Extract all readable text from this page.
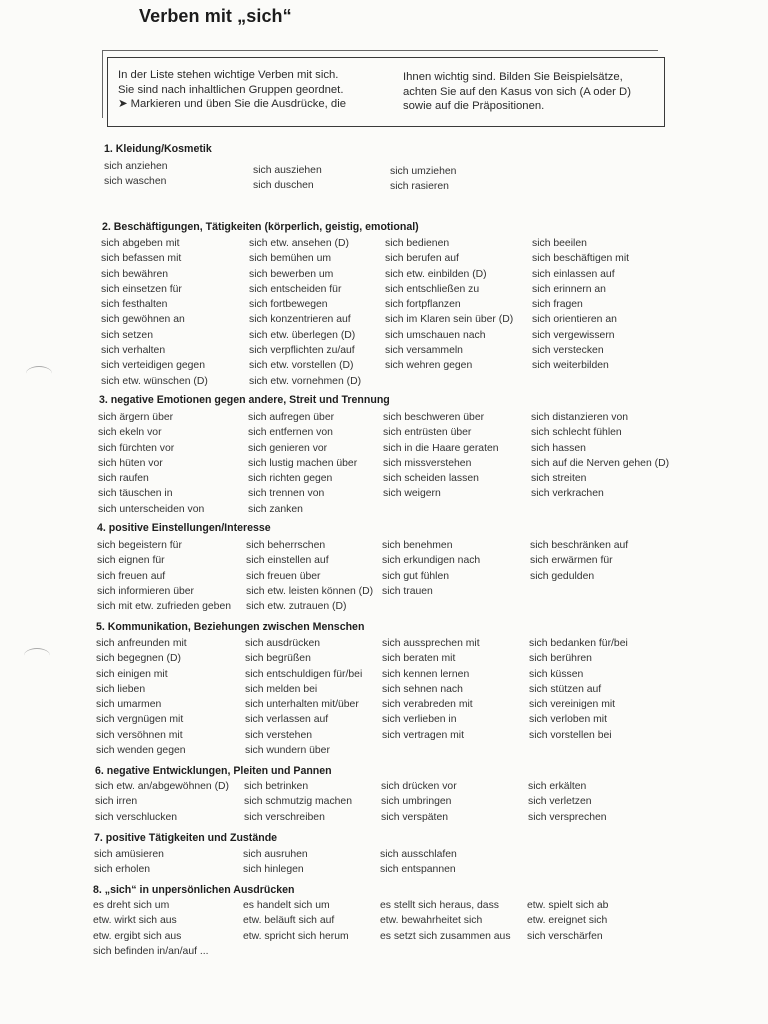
Verben mit „sich“

In der Liste stehen wichtige Verben mit sich.

Sie sind nach inhaltlichen Gruppen geordnet.

➤ Markieren und üben Sie die Ausdrücke, die

Ihnen wichtig sind. Bilden Sie Beispielsätze,

achten Sie auf den Kasus von sich (A oder D)

sowie auf die Präpositionen.

1. Kleidung/Kosmetik
sich anziehen
sich waschen
sich ausziehen
sich duschen
sich umziehen
sich rasieren
2. Beschäftigungen, Tätigkeiten (körperlich, geistig, emotional)
sich abgeben mit
sich befassen mit
sich bewähren
sich einsetzen für
sich festhalten
sich gewöhnen an
sich setzen
sich verhalten
sich verteidigen gegen
sich etw. wünschen (D)
sich etw. ansehen (D)
sich bemühen um
sich bewerben um
sich entscheiden für
sich fortbewegen
sich konzentrieren auf
sich etw. überlegen (D)
sich verpflichten zu/auf
sich etw. vorstellen (D)
sich etw. vornehmen (D)
sich bedienen
sich berufen auf
sich etw. einbilden (D)
sich entschließen zu
sich fortpflanzen
sich im Klaren sein über (D)
sich umschauen nach
sich versammeln
sich wehren gegen
sich beeilen
sich beschäftigen mit
sich einlassen auf
sich erinnern an
sich fragen
sich orientieren an
sich vergewissern
sich verstecken
sich weiterbilden
3. negative Emotionen gegen andere, Streit und Trennung
sich ärgern über
sich ekeln vor
sich fürchten vor
sich hüten vor
sich raufen
sich täuschen in
sich unterscheiden von
sich aufregen über
sich entfernen von
sich genieren vor
sich lustig machen über
sich richten gegen
sich trennen von
sich zanken
sich beschweren über
sich entrüsten über
sich in die Haare geraten
sich missverstehen
sich scheiden lassen
sich weigern
sich distanzieren von
sich schlecht fühlen
sich hassen
sich auf die Nerven gehen (D)
sich streiten
sich verkrachen
4. positive Einstellungen/Interesse
sich begeistern für
sich eignen für
sich freuen auf
sich informieren über
sich mit etw. zufrieden geben
sich beherrschen
sich einstellen auf
sich freuen über
sich etw. leisten können (D)
sich etw. zutrauen (D)
sich benehmen
sich erkundigen nach
sich gut fühlen
sich trauen
sich beschränken auf
sich erwärmen für
sich gedulden
5. Kommunikation, Beziehungen zwischen Menschen
sich anfreunden mit
sich begegnen (D)
sich einigen mit
sich lieben
sich umarmen
sich vergnügen mit
sich versöhnen mit
sich wenden gegen
sich ausdrücken
sich begrüßen
sich entschuldigen für/bei
sich melden bei
sich unterhalten mit/über
sich verlassen auf
sich verstehen
sich wundern über
sich aussprechen mit
sich beraten mit
sich kennen lernen
sich sehnen nach
sich verabreden mit
sich verlieben in
sich vertragen mit
sich bedanken für/bei
sich berühren
sich küssen
sich stützen auf
sich vereinigen mit
sich verloben mit
sich vorstellen bei
6. negative Entwicklungen, Pleiten und Pannen
sich etw. an/abgewöhnen (D)
sich irren
sich verschlucken
sich betrinken
sich schmutzig machen
sich verschreiben
sich drücken vor
sich umbringen
sich verspäten
sich erkälten
sich verletzen
sich versprechen
7. positive Tätigkeiten und Zustände
sich amüsieren
sich erholen
sich ausruhen
sich hinlegen
sich ausschlafen
sich entspannen
8. „sich“ in unpersönlichen Ausdrücken
es dreht sich um
etw. wirkt sich aus
etw. ergibt sich aus
sich befinden in/an/auf ...
es handelt sich um
etw. beläuft sich auf
etw. spricht sich herum
es stellt sich heraus, dass
etw. bewahrheitet sich
es setzt sich zusammen aus
etw. spielt sich ab
etw. ereignet sich
sich verschärfen
